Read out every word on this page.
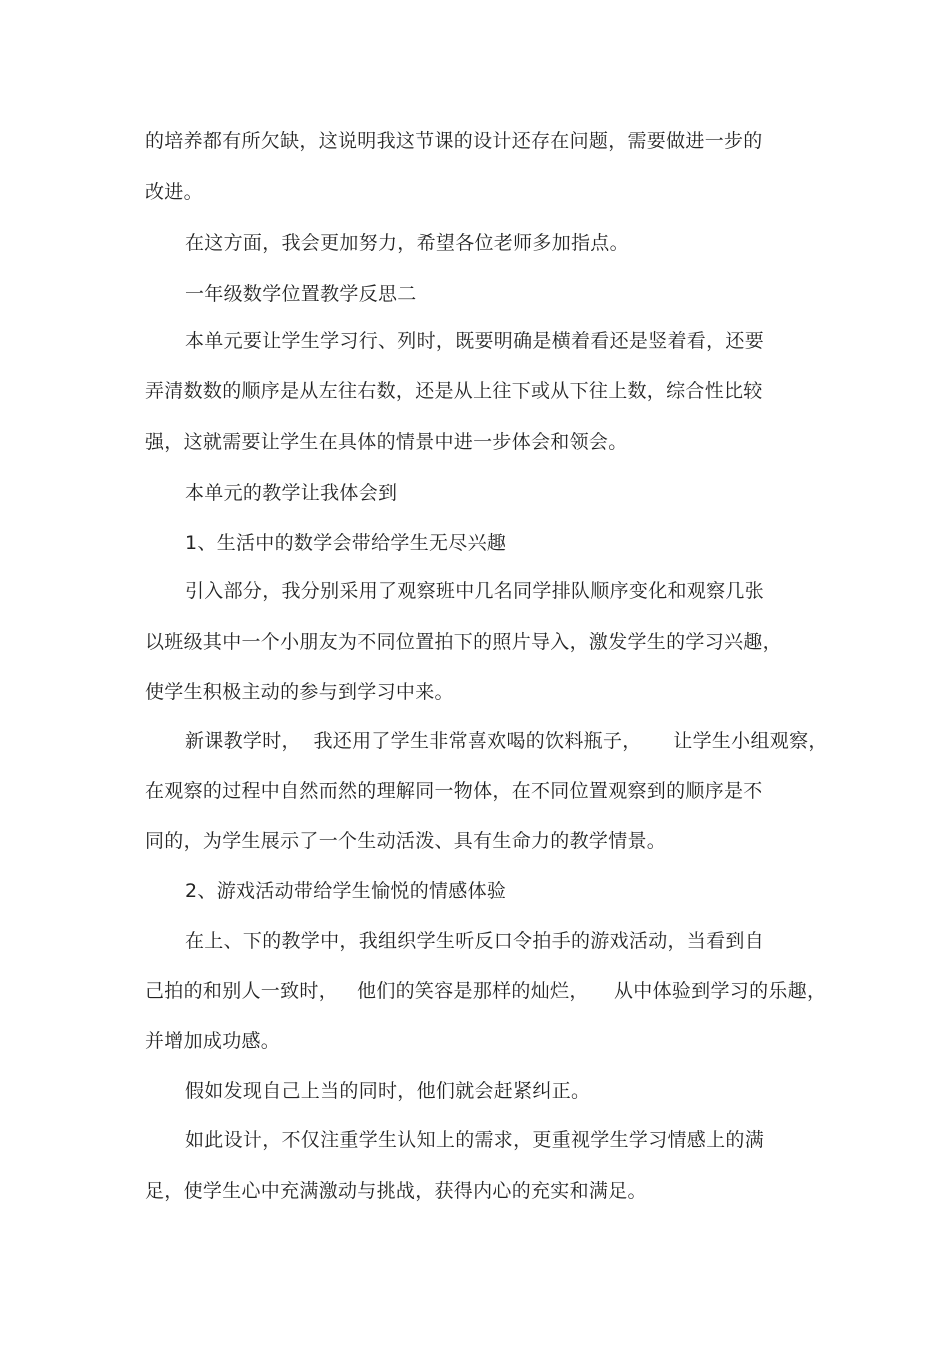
的培养都有所欠缺，这说明我这节课的设计还存在问题，需要做进一步的
改进。
在这方面，我会更加努力，希望各位老师多加指点。
一年级数学位置教学反思二
本单元要让学生学习行、列时，既要明确是横着看还是竖着看，还要
弄清数数的顺序是从左往右数，还是从上往下或从下往上数，综合性比较
强，这就需要让学生在具体的情景中进一步体会和领会。
本单元的教学让我体会到
1、生活中的数学会带给学生无尽兴趣
引入部分，我分别采用了观察班中几名同学排队顺序变化和观察几张
以班级其中一个小朋友为不同位置拍下的照片导入，激发学生的学习兴趣，
使学生积极主动的参与到学习中来。
新课教学时，  我还用了学生非常喜欢喝的饮料瓶子，     让学生小组观察，
在观察的过程中自然而然的理解同一物体，在不同位置观察到的顺序是不
同的，为学生展示了一个生动活泼、具有生命力的教学情景。
2、游戏活动带给学生愉悦的情感体验
在上、下的教学中，我组织学生听反口令拍手的游戏活动，当看到自
己拍的和别人一致时，   他们的笑容是那样的灿烂，    从中体验到学习的乐趣，
并增加成功感。
假如发现自己上当的同时，他们就会赶紧纠正。
如此设计，不仅注重学生认知上的需求，更重视学生学习情感上的满
足，使学生心中充满激动与挑战，获得内心的充实和满足。
